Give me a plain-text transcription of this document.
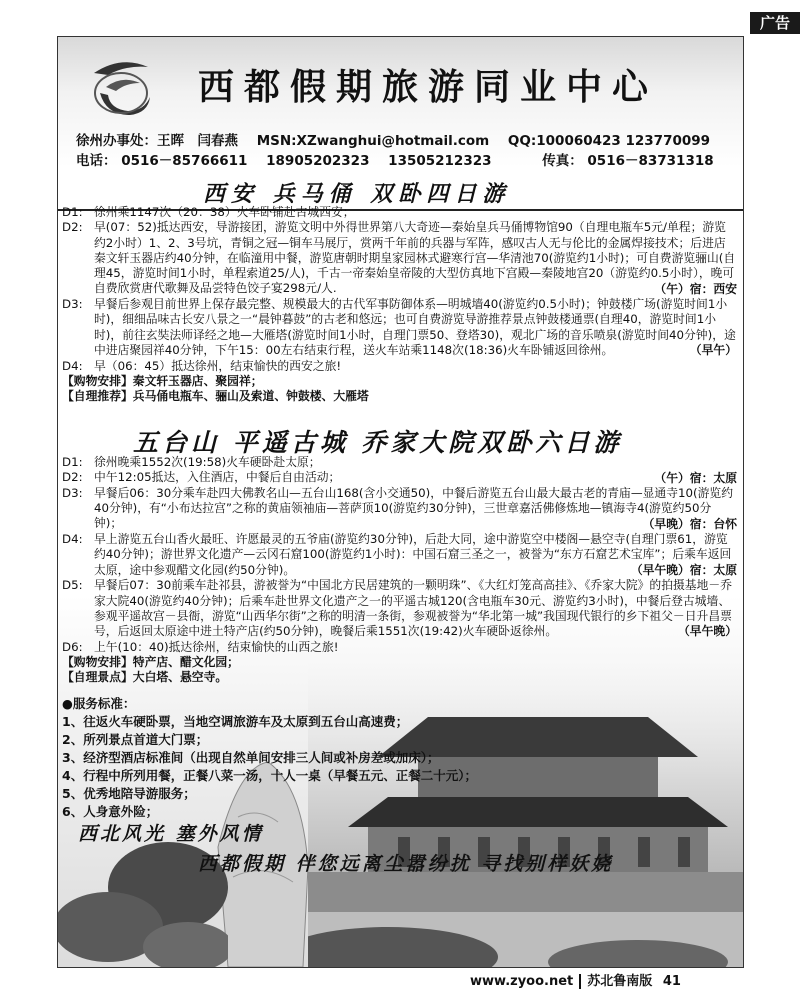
广告
西都假期旅游同业中心
徐州办事处：王晖　闫春燕 MSN:XZwanghui@hotmail.com QQ:100060423 123770099
电话： 0516－85766611 18905202323 13505212323	传真： 0516－83731318
西安 兵马俑 双卧四日游
D1: 徐州乘1147次（20：38）火车卧铺赴古城西安；
D2: 早(07：52)抵达西安，导游接团，游览文明中外得世界第八大奇迹—秦始皇兵马俑博物馆90（自理电瓶车5元/单程；游览约2小时）1、2、3号坑，青铜之冠—铜车马展厅，赏两千年前的兵器与军阵，感叹古人无与伦比的金属焊接技术；后进店秦文轩玉器店约40分钟，在临潼用中餐，游览唐朝时期皇家园林式避寒行宫—华清池70(游览约1小时)；可自费游览骊山(自理45，游览时间1小时，单程索道25/人)，千古一帝秦始皇帝陵的大型仿真地下宫殿—秦陵地宫20（游览约0.5小时），晚可自费欣赏唐代歌舞及品尝特色饺子宴298元/人.	（午）宿：西安
D3: 早餐后参观目前世界上保存最完整、规模最大的古代军事防御体系—明城墙40(游览约0.5小时)；钟鼓楼广场(游览时间1小时)，细细品味古长安八景之一“晨钟暮鼓”的古老和悠远；也可自费游览导游推荐景点钟鼓楼通票(自理40，游览时间1小时)，前往玄奘法师译经之地—大雁塔(游览时间1小时，自理门票50、登塔30)，观北广场的音乐喷泉(游览时间40分钟)，途中进店聚园祥40分钟，下午15：00左右结束行程，送火车站乘1148次(18:36)火车卧铺返回徐州。	（早午）
D4: 早（06：45）抵达徐州，结束愉快的西安之旅!
【购物安排】秦文轩玉器店、聚园祥；
【自理推荐】兵马俑电瓶车、骊山及索道、钟鼓楼、大雁塔
五台山 平遥古城 乔家大院双卧六日游
D1: 徐州晚乘1552次(19:58)火车硬卧赴太原；
D2: 中午12:05抵达，入住酒店，中餐后自由活动；	（午）宿：太原
D3: 早餐后06：30分乘车赴四大佛教名山—五台山168(含小交通50)，中餐后游览五台山最大最古老的青庙—显通寺10(游览约40分钟)，有“小布达拉宫”之称的黄庙领袖庙—菩萨顶10(游览约30分钟)，三世章嘉活佛修炼地—镇海寺4(游览约50分钟)；	（早晚）宿：台怀
D4: 早上游览五台山香火最旺、许愿最灵的五爷庙(游览约30分钟)，后赴大同，途中游览空中楼阁—悬空寺(自理门票61，游览约40分钟)；游世界文化遗产—云冈石窟100(游览约1小时)：中国石窟三圣之一，被誉为“东方石窟艺术宝库”；后乘车返回太原，途中参观醋文化园(约50分钟)。	（早午晚）宿：太原
D5: 早餐后07：30前乘车赴祁县，游被誉为“中国北方民居建筑的一颗明珠”、《大红灯笼高高挂》、《乔家大院》的拍摄基地－乔家大院40(游览约40分钟)；后乘车赴世界文化遗产之一的平遥古城120(含电瓶车30元、游览约3小时)，中餐后登古城墙、参观平遥故宫－县衙，游览“山西华尔街”之称的明清一条街，参观被誉为“华北第一城”我国现代银行的乡下祖父－日升昌票号，后返回太原途中进土特产店(约50分钟)，晚餐后乘1551次(19:42)火车硬卧返徐州。	（早午晚）
D6: 上午(10：40)抵达徐州，结束愉快的山西之旅!
【购物安排】特产店、醋文化园；
【自理景点】大白塔、悬空寺。
●服务标准：
1、往返火车硬卧票，当地空调旅游车及太原到五台山高速费；
2、所列景点首道大门票；
3、经济型酒店标准间（出现自然单间安排三人间或补房差或加床）；
4、行程中所列用餐，正餐八菜一汤，十人一桌（早餐五元、正餐二十元）；
5、优秀地陪导游服务；
6、人身意外险；
西北风光 塞外风情
西都假期 伴您远离尘嚣纷扰 寻找别样妖娆
www.zyoo.net 苏北鲁南版 41
